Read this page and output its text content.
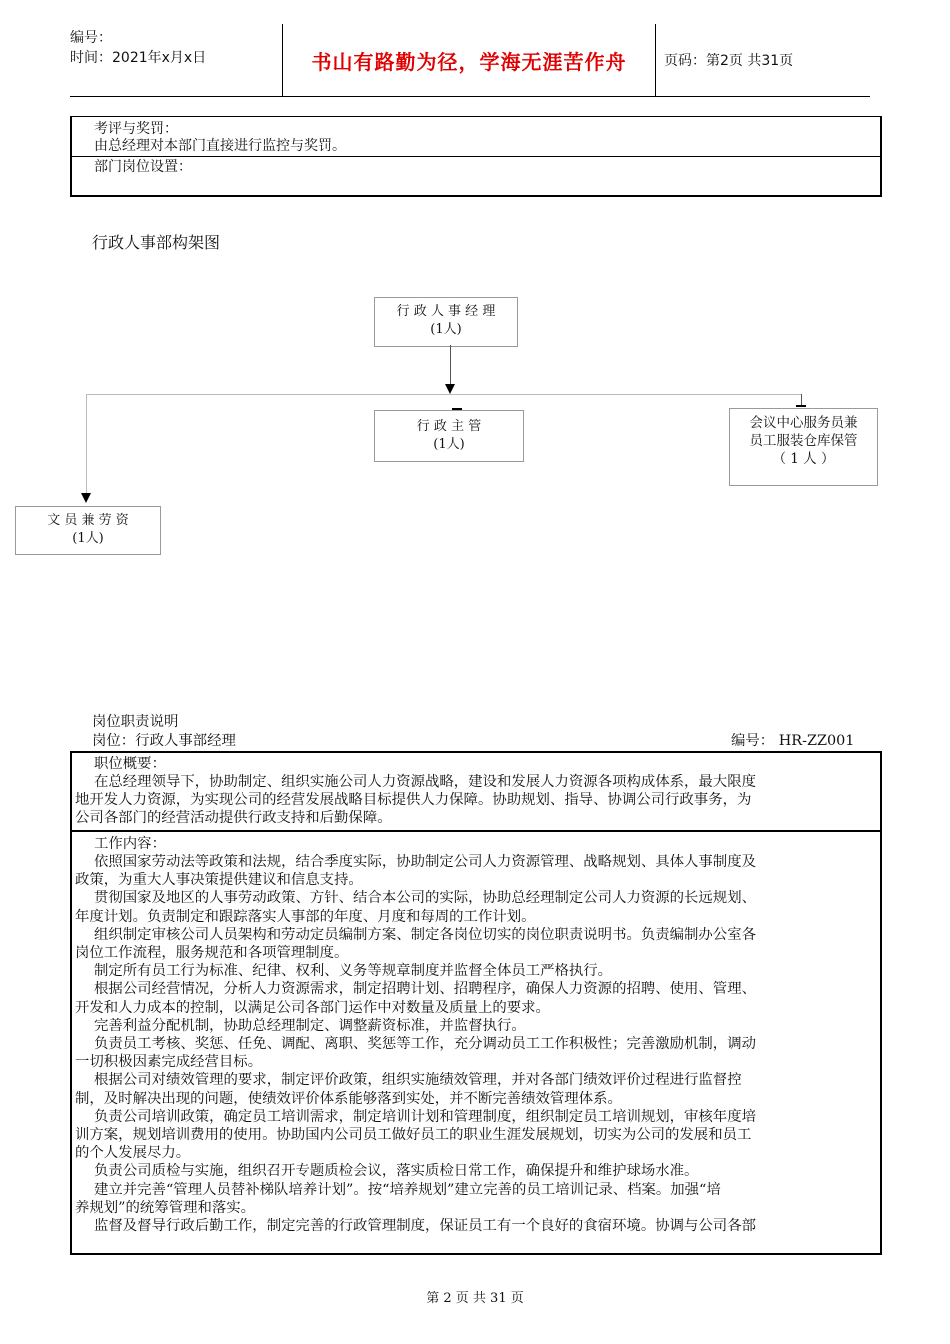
编号：
时间：2021年x月x日	书山有路勤为径，学海无涯苦作舟	页码：第2页 共31页
考评与奖罚：
由总经理对本部门直接进行监控与奖罚。
部门岗位设置：
行政人事部构架图
行 政 人 事 经 理
(1人)
行 政 主 管
(1人)
会议中心服务员兼
员工服装仓库保管
（ 1 人 ）
文 员 兼 劳 资
(1人)
岗位职责说明
岗位：行政人事部经理	编号： HR-ZZ001
职位概要：
在总经理领导下，协助制定、组织实施公司人力资源战略，建设和发展人力资源各项构成体系，最大限度
地开发人力资源，为实现公司的经营发展战略目标提供人力保障。协助规划、指导、协调公司行政事务，为
公司各部门的经营活动提供行政支持和后勤保障。
工作内容：
依照国家劳动法等政策和法规，结合季度实际，协助制定公司人力资源管理、战略规划、具体人事制度及
政策，为重大人事决策提供建议和信息支持。
贯彻国家及地区的人事劳动政策、方针、结合本公司的实际，协助总经理制定公司人力资源的长远规划、
年度计划。负责制定和跟踪落实人事部的年度、月度和每周的工作计划。
组织制定审核公司人员架构和劳动定员编制方案、制定各岗位切实的岗位职责说明书。负责编制办公室各
岗位工作流程，服务规范和各项管理制度。
制定所有员工行为标准、纪律、权利、义务等规章制度并监督全体员工严格执行。
根据公司经营情况，分析人力资源需求，制定招聘计划、招聘程序，确保人力资源的招聘、使用、管理、
开发和人力成本的控制，以满足公司各部门运作中对数量及质量上的要求。
完善利益分配机制，协助总经理制定、调整薪资标准，并监督执行。
负责员工考核、奖惩、任免、调配、离职、奖惩等工作，充分调动员工工作积极性；完善激励机制，调动
一切积极因素完成经营目标。
根据公司对绩效管理的要求，制定评价政策，组织实施绩效管理，并对各部门绩效评价过程进行监督控
制，及时解决出现的问题，使绩效评价体系能够落到实处，并不断完善绩效管理体系。
负责公司培训政策，确定员工培训需求，制定培训计划和管理制度，组织制定员工培训规划，审核年度培
训方案，规划培训费用的使用。协助国内公司员工做好员工的职业生涯发展规划，切实为公司的发展和员工
的个人发展尽力。
负责公司质检与实施，组织召开专题质检会议，落实质检日常工作，确保提升和维护球场水准。
建立并完善“管理人员替补梯队培养计划”。按“培养规划”建立完善的员工培训记录、档案。加强“培
养规划”的统筹管理和落实。
监督及督导行政后勤工作，制定完善的行政管理制度，保证员工有一个良好的食宿环境。协调与公司各部
第 2 页 共 31 页
